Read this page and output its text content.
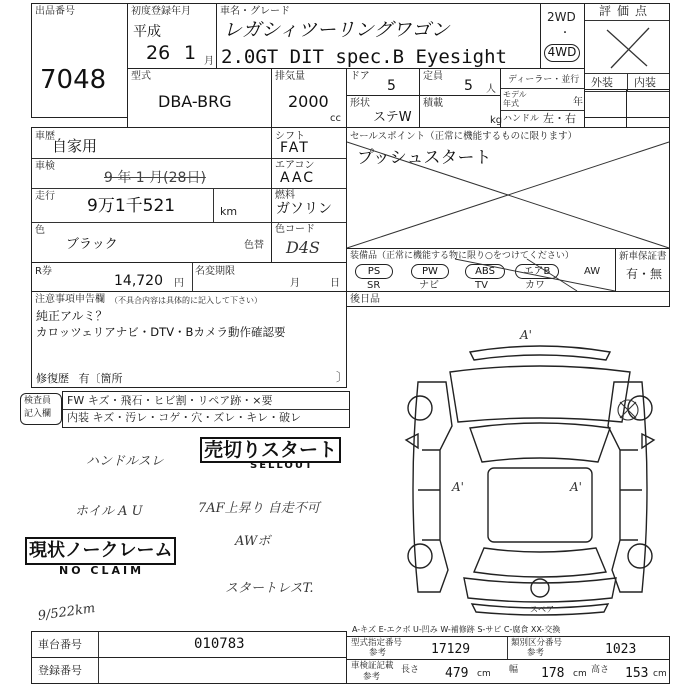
出品番号
7048
初度登録年月
平成
26 1 月
車名・グレード
レガシィツーリングワゴン
2.0GT DIT spec.B Eyesight
2WD
・
4WD
評価点
外装 内装
型式
DBA-BRG
排気量
2000
cc
ドア
5
定員
5 人
形状
ステW
積載
kg
ディーラー・並行
モデル年式	年
ハンドル 左・右
車歴
自家用
車検
9 年 1 月(28日)
走行 9万1千521	km
色
ブラック	色替
シフト
FAT
エアコン
AAC
燃料
ガソリン
色コード
D4S
セールスポイント（正常に機能するものに限ります）
プッシュスタート
R券
14,720 円
名変期限
月	日
装備品（正常に機能する物に限り○をつけてください）
PS	PW	ABS	エアB	AW
SR	ナビ	TV	カワ
新車保証書
有・無
注意事項申告欄 （不具合内容は具体的に記入して下さい）
純正アルミ？
カロッツェリアナビ・DTV・Bカメラ動作確認要
修復歴 有〔箇所	〕
後日品
検査員
記入欄
FW キズ・飛石・ヒビ割・リペア跡・×要
内装 キズ・汚レ・コゲ・穴・ズレ・キレ・破レ
ハンドルスレ
ホイル A U	7AF上昇り 自走不可
AWボ
スタートレスT.
9/522km
売切りスタート
SELLOUT
現状ノークレーム
NO CLAIM
A'
A'	A'
スペア
A-キズ E-エクボ U-凹み W-補修跡 S-サビ C-腐食 XX-交換
車台番号	010783
登録番号
型式指定番号
参考	17129	類別区分番号
参考	1023
車検証記載
参考
長さ 479 cm 幅 178 cm 高さ 153 cm
